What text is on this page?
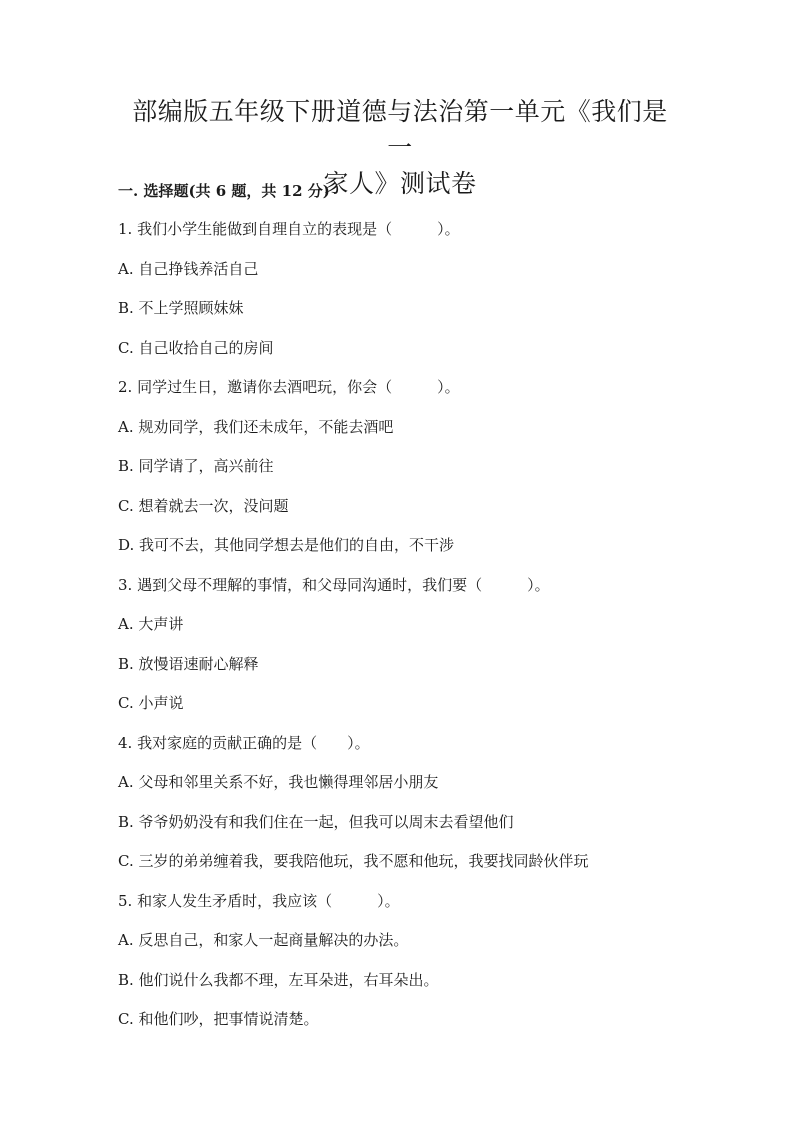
部编版五年级下册道德与法治第一单元《我们是一
家人》测试卷
一. 选择题(共 6 题，共 12 分)
1. 我们小学生能做到自理自立的表现是（　　　）。
A. 自己挣钱养活自己
B. 不上学照顾妹妹
C. 自己收拾自己的房间
2. 同学过生日，邀请你去酒吧玩，你会（　　　）。
A. 规劝同学，我们还未成年，不能去酒吧
B. 同学请了，高兴前往
C. 想着就去一次，没问题
D. 我可不去，其他同学想去是他们的自由，不干涉
3. 遇到父母不理解的事情，和父母同沟通时，我们要（　　　）。
A. 大声讲
B. 放慢语速耐心解释
C. 小声说
4. 我对家庭的贡献正确的是（　　）。
A. 父母和邻里关系不好，我也懒得理邻居小朋友
B. 爷爷奶奶没有和我们住在一起，但我可以周末去看望他们
C. 三岁的弟弟缠着我，要我陪他玩，我不愿和他玩，我要找同龄伙伴玩
5. 和家人发生矛盾时，我应该（　　　）。
A. 反思自己，和家人一起商量解决的办法。
B. 他们说什么我都不理，左耳朵进，右耳朵出。
C. 和他们吵，把事情说清楚。
